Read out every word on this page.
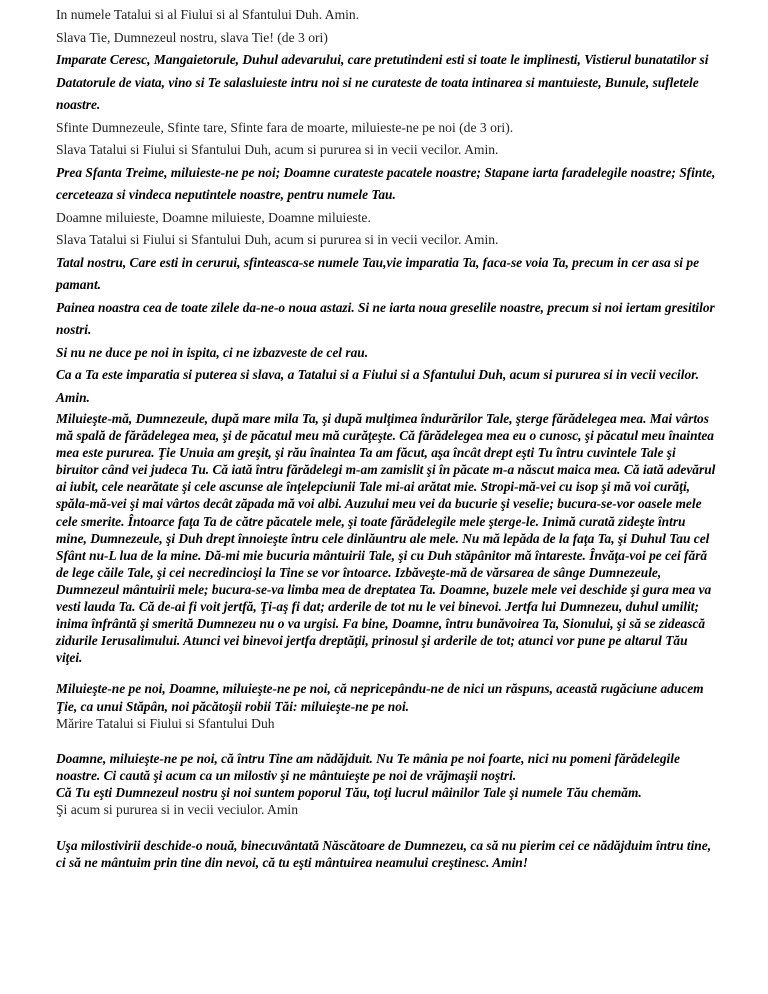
In numele Tatalui si al Fiului si al Sfantului Duh. Amin.

Slava Tie, Dumnezeul nostru, slava Tie! (de 3 ori)

Imparate Ceresc, Mangaietorule, Duhul adevarului, care pretutindeni esti si toate le implinesti, Vistierul bunatatilor si Datatorule de viata, vino si Te salasluieste intru noi si ne curateste de toata intinarea si mantuieste, Bunule, sufletele noastre.

Sfinte Dumnezeule, Sfinte tare, Sfinte fara de moarte, miluieste-ne pe noi (de 3 ori).

Slava Tatalui si Fiului si Sfantului Duh, acum si pururea si in vecii vecilor. Amin.

Prea Sfanta Treime, miluieste-ne pe noi; Doamne curateste pacatele noastre; Stapane iarta faradelegile noastre; Sfinte, cerceteaza si vindeca neputintele noastre, pentru numele Tau.

Doamne miluieste, Doamne miluieste, Doamne miluieste.

Slava Tatalui si Fiului si Sfantului Duh, acum si pururea si in vecii vecilor. Amin.

Tatal nostru, Care esti in cerurui, sfinteasca-se numele Tau,vie imparatia Ta, faca-se voia Ta, precum in cer asa si pe pamant.

Painea noastra cea de toate zilele da-ne-o noua astazi. Si ne iarta noua greselile noastre, precum si noi iertam gresitilor nostri.

Si nu ne duce pe noi in ispita, ci ne izbazveste de cel rau.

Ca a Ta este imparatia si puterea si slava, a Tatalui si a Fiului si a Sfantului Duh, acum si pururea si in vecii vecilor. Amin.

Miluieşte-mă, Dumnezeule, după mare mila Ta, şi după mulţimea îndurărilor Tale, şterge fărădelegea mea. Mai vârtos mă spală de fărădelegea mea, şi de păcatul meu mă curăţeşte. Că fărădelegea mea eu o cunosc, şi păcatul meu înaintea mea este pururea. Ţie Unuia am greşit, şi rău înaintea Ta am făcut, aşa încât drept eşti Tu întru cuvintele Tale şi biruitor când vei judeca Tu. Că iată întru fărădelegi m-am zamislit şi în păcate m-a născut maica mea. Că iată adevărul ai iubit, cele nearătate şi cele ascunse ale înţelepciunii Tale mi-ai arătat mie. Stropi-mă-vei cu isop şi mă voi curăţi, spăla-mă-vei şi mai vârtos decât zăpada mă voi albi. Auzului meu vei da bucurie şi veselie; bucura-se-vor oasele mele cele smerite. Întoarce faţa Ta de către păcatele mele, şi toate fărădelegile mele şterge-le. Inimă curată zideşte întru mine, Dumnezeule, şi Duh drept înnoieşte întru cele dinlăuntru ale mele. Nu mă lepăda de la faţa Ta, şi Duhul Tau cel Sfânt nu-L lua de la mine. Dă-mi mie bucuria mântuirii Tale, şi cu Duh stăpânitor mă întareste. Învăţa-voi pe cei fără de lege căile Tale, şi cei necredincioşi la Tine se vor întoarce. Izbăveşte-mă de vărsarea de sânge Dumnezeule, Dumnezeul mântuirii mele; bucura-se-va limba mea de dreptatea Ta. Doamne, buzele mele vei deschide şi gura mea va vesti lauda Ta. Că de-ai fi voit jertfă, Ţi-aş fi dat; arderile de tot nu le vei binevoi. Jertfa lui Dumnezeu, duhul umilit; inima înfrântă şi smerită Dumnezeu nu o va urgisi. Fa bine, Doamne, întru bunăvoirea Ta, Sionului, şi să se zidească zidurile Ierusalimului. Atunci vei binevoi jertfa dreptăţii, prinosul şi arderile de tot; atunci vor pune pe altarul Tău viţei.

Miluieşte-ne pe noi, Doamne, miluieşte-ne pe noi, că nepricepându-ne de nici un răspuns, această rugăciune aducem Ţie, ca unui Stăpân, noi păcătoşii robii Tăi: miluieşte-ne pe noi.

Mărire Tatalui si Fiului si Sfantului Duh

Doamne, miluieşte-ne pe noi, că întru Tine am nădăjduit. Nu Te mânia pe noi foarte, nici nu pomeni fărădelegile noastre. Ci caută şi acum ca un milostiv şi ne mântuieşte pe noi de vrăjmaşii noştri.

Că Tu eşti Dumnezeul nostru şi noi suntem poporul Tău, toţi lucrul mâinilor Tale şi numele Tău chemăm.

Şi acum si pururea si in vecii veciulor. Amin

Uşa milostivirii deschide-o nouă, binecuvântată Născătoare de Dumnezeu, ca să nu pierim cei ce nădăjduim întru tine, ci să ne mântuim prin tine din nevoi, că tu eşti mântuirea neamului creştinesc. Amin!
